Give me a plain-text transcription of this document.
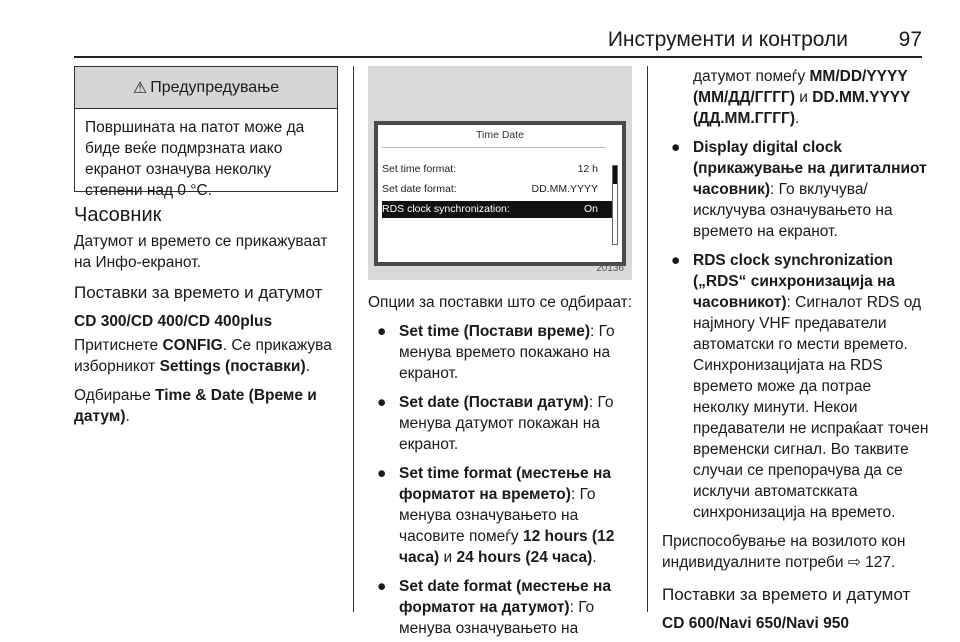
Инструменти и контроли 97
⚠ Предупредување
Површината на патот може да биде веќе подмрзната иако екранот означува неколку степени над 0 °C.

Часовник

Датумот и времето се прикажуваат на Инфо-екранот.

Поставки за времето и датумот

CD 300/CD 400/CD 400plus

Притиснете CONFIG. Се прикажува изборникот Settings (поставки).

Одбирање Time & Date (Време и датум).

Time Date
Set time format:	12 h
Set date format:	DD.MM.YYYY
RDS clock synchronization:	On
20136

Опции за поставки што се одбираат:

● Set time (Постави време): Го менува времето покажано на екранот.
● Set date (Постави датум): Го менува датумот покажан на екранот.
● Set time format (местење на форматот на времето): Го менува означувањето на часовите помеѓу 12 hours (12 часа) и 24 hours (24 часа).
● Set date format (местење на форматот на датумот): Го менува означувањето на

датумот помеѓу MM/DD/YYYY (ММ/ДД/ГГГГ) и DD.MM.YYYY (ДД.ММ.ГГГГ).

● Display digital clock (прикажување на дигиталниот часовник): Го вклучува/ исклучува означувањето на времето на екранот.
● RDS clock synchronization („RDS“ синхронизација на часовникот): Сигналот RDS од најмногу VHF предаватели автоматски го мести времето. Синхронизацијата на RDS времето може да потрае неколку минути. Некои предаватели не испраќаат точен временски сигнал. Во таквите случаи се препорачува да се исклучи автоматскката синхронизација на времето.

Приспособување на возилото кон индивидуалните потреби ⇨ 127.

Поставки за времето и датумот

CD 600/Navi 650/Navi 950
